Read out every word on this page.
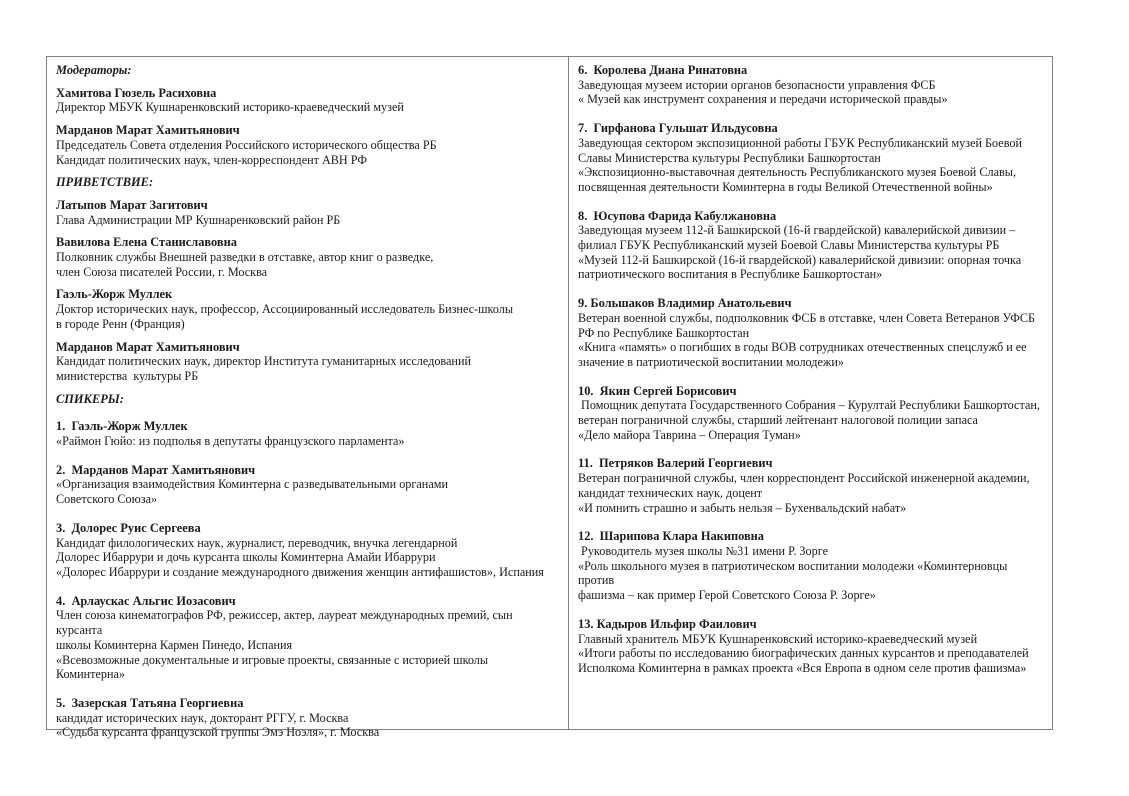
Модераторы:

Хамитова Гюзель Расиховна
Директор МБУК Кушнаренковский историко-краеведческий музей
Марданов Марат Хамитьянович
Председатель Совета отделения Российского исторического общества РБ
Кандидат политических наук, член-корреспондент АВН РФ

ПРИВЕТСТВИЕ:

Латыпов Марат Загитович
Глава Администрации МР Кушнаренковский район РБ
Вавилова Елена Станиславовна
Полковник службы Внешней разведки в отставке, автор книг о разведке,
член Союза писателей России, г. Москва
Гаэль-Жорж Муллек
Доктор исторических наук, профессор, Ассоциированный исследователь Бизнес-школы
в городе Ренн (Франция)
Марданов Марат Хамитьянович
Кандидат политических наук, директор Института гуманитарных исследований
министерства  культуры РБ

СПИКЕРЫ:

1.  Гаэль-Жорж Муллек
«Раймон Гюйо: из подполья в депутаты французского парламента»
2.  Марданов Марат Хамитьянович
«Организация взаимодействия Коминтерна с разведывательными органами
Советского Союза»
3.  Долорес Руис Сергеева
Кандидат филологических наук, журналист, переводчик, внучка легендарной
Долорес Ибаррури и дочь курсанта школы Коминтерна Амайи Ибаррури
«Долорес Ибаррури и создание международного движения женщин антифашистов», Испания
4.  Арлаускас Альгис Иозасович
Член союза кинематографов РФ, режиссер, актер, лауреат международных премий, сын курсанта
школы Коминтерна Кармен Пинедо, Испания
«Всевозможные документальные и игровые проекты, связанные с историей школы Коминтерна»
5.  Зазерская Татьяна Георгиевна
кандидат исторических наук, докторант РГГУ, г. Москва
«Судьба курсанта французской группы Эмэ Ноэля», г. Москва
6.  Королева Диана Ринатовна
Заведующая музеем истории органов безопасности управления ФСБ
« Музей как инструмент сохранения и передачи исторической правды»
7.  Гирфанова Гульшат Ильдусовна
Заведующая сектором экспозиционной работы ГБУК Республиканский музей Боевой
Славы Министерства культуры Республики Башкортостан
«Экспозиционно-выставочная деятельность Республиканского музея Боевой Славы,
посвященная деятельности Коминтерна в годы Великой Отечественной войны»
8.  Юсупова Фарида Кабулжановна
Заведующая музеем 112-й Башкирской (16-й гвардейской) кавалерийской дивизии –
филиал ГБУК Республиканский музей Боевой Славы Министерства культуры РБ
«Музей 112-й Башкирской (16-й гвардейской) кавалерийской дивизии: опорная точка
патриотического воспитания в Республике Башкортостан»
9. Большаков Владимир Анатольевич
Ветеран военной службы, подполковник ФСБ в отставке, член Совета Ветеранов УФСБ
РФ по Республике Башкортостан
«Книга «память» о погибших в годы ВОВ сотрудниках отечественных спецслужб и ее
значение в патриотической воспитании молодежи»
10.  Якин Сергей Борисович
Помощник депутата Государственного Собрания – Курултай Республики Башкортостан,
ветеран пограничной службы, старший лейтенант налоговой полиции запаса
«Дело майора Таврина – Операция Туман»
11.  Петряков Валерий Георгиевич
Ветеран пограничной службы, член корреспондент Российской инженерной академии,
кандидат технических наук, доцент
«И помнить страшно и забыть нельзя – Бухенвальдский набат»
12.  Шарипова Клара Накиповна
Руководитель музея школы №31 имени Р. Зорге
«Роль школьного музея в патриотическом воспитании молодежи «Коминтерновцы против
фашизма – как пример Герой Советского Союза Р. Зорге»
13. Кадыров Ильфир Фаилович
Главный хранитель МБУК Кушнаренковский историко-краеведческий музей
«Итоги работы по исследованию биографических данных курсантов и преподавателей
Исполкома Коминтерна в рамках проекта «Вся Европа в одном селе против фашизма»
